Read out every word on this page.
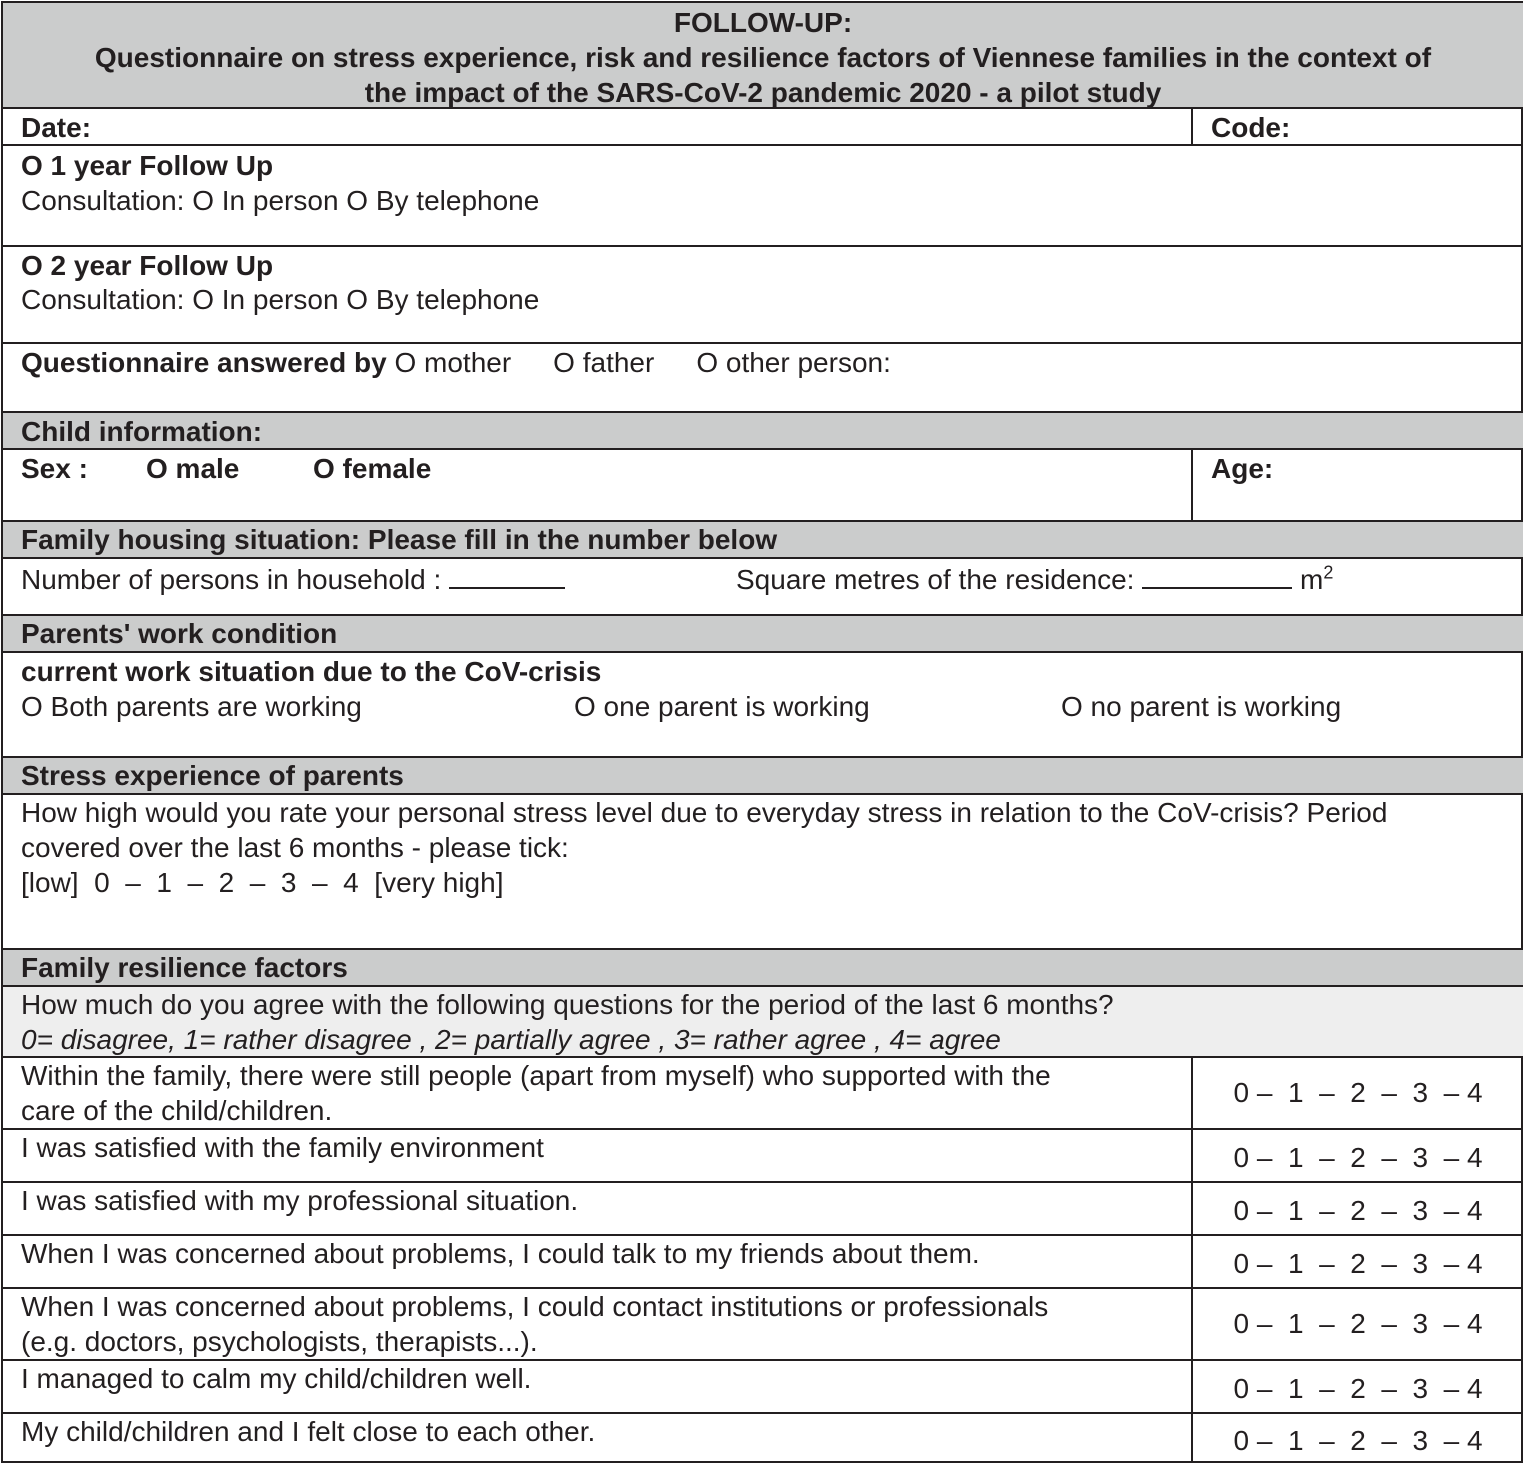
FOLLOW-UP:
Questionnaire on stress experience, risk and resilience factors of Viennese families in the context of
the impact of the SARS-CoV-2 pandemic 2020 - a pilot study
Date:	Code:
O 1 year Follow Up
Consultation: O In person O By telephone
O 2 year Follow Up
Consultation: O In person O By telephone
Questionnaire answered by O mother O father O other person:
Child information:
Sex : O male	O female	Age:
Family housing situation: Please fill in the number below
Number of persons in household :	Square metres of the residence:	$m^2$
Parents' work condition
current work situation due to the CoV-crisis
O Both parents are working	O one parent is working	O no parent is working
Stress experience of parents
How high would you rate your personal stress level due to everyday stress in relation to the CoV-crisis? Period
covered over the last 6 months - please tick:
[low]  0  –  1  –  2  –  3  –  4  [very high]
Family resilience factors
How much do you agree with the following questions for the period of the last 6 months?
0= disagree, 1= rather disagree , 2= partially agree , 3= rather agree , 4= agree
Within the family, there were still people (apart from myself) who supported with the
care of the child/children.
0 –  1  –  2  –  3  – 4
I was satisfied with the family environment	0 –  1  –  2  –  3  – 4
I was satisfied with my professional situation.	0 –  1  –  2  –  3  – 4
When I was concerned about problems, I could talk to my friends about them.	0 –  1  –  2  –  3  – 4
When I was concerned about problems, I could contact institutions or professionals
(e.g. doctors, psychologists, therapists...).
0 –  1  –  2  –  3  – 4
I managed to calm my child/children well.	0 –  1  –  2  –  3  – 4
My child/children and I felt close to each other.	0 –  1  –  2  –  3  – 4
